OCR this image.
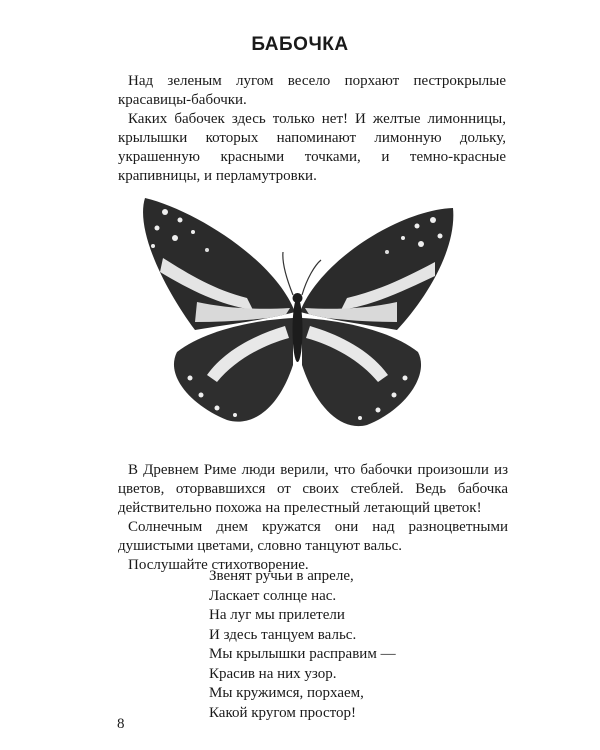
БАБОЧКА

Над зеленым лугом весело порхают пестрокрылые красавицы-бабочки.

Каких бабочек здесь только нет! И желтые лимонницы, крылышки которых напоминают лимонную дольку, украшенную красными точками, и темно-красные крапивницы, и перламутровки.

В Древнем Риме люди верили, что бабочки произошли из цветов, оторвавшихся от своих стеблей. Ведь бабочка действительно похожа на прелестный летающий цветок!

Солнечным днем кружатся они над разноцветными душистыми цветами, словно танцуют вальс.

Послушайте стихотворение.

Звенят ручьи в апреле,
Ласкает солнце нас.
На луг мы прилетели
И здесь танцуем вальс.
Мы крылышки расправим —
Красив на них узор.
Мы кружимся, порхаем,
Какой кругом простор!
8
